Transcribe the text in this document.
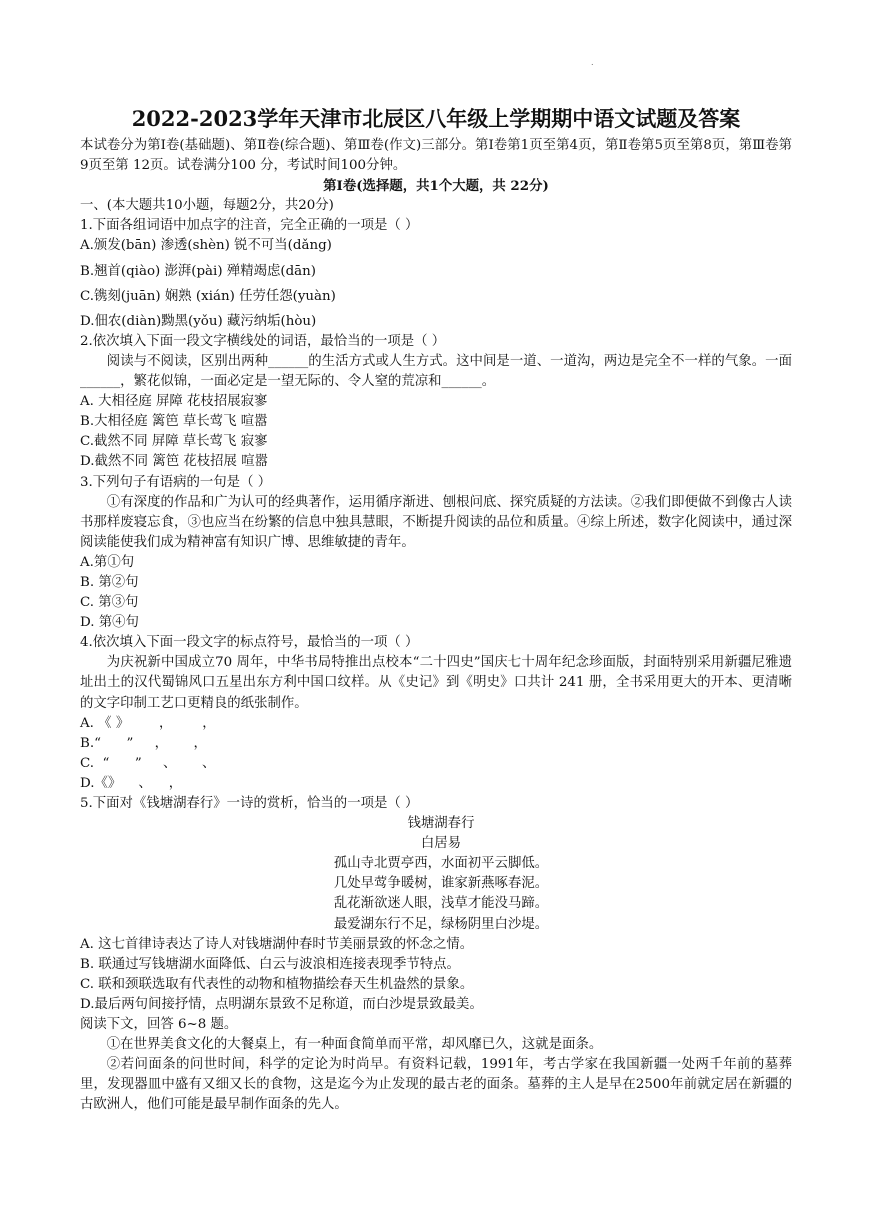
.
2022-2023学年天津市北辰区八年级上学期期中语文试题及答案

本试卷分为第Ⅰ卷(基础题)、第Ⅱ卷(综合题)、第Ⅲ卷(作文)三部分。第Ⅰ卷第1页至第4页，第Ⅱ卷第5页至第8页，第Ⅲ卷第9页至第 12页。试卷满分100 分，考试时间100分钟。

第Ⅰ卷(选择题，共1个大题，共 22分)

一、(本大题共10小题，每题2分，共20分)

1.下面各组词语中加点字的注音，完全正确的一项是（ ）

A.颁发(bān) 渗透(shèn) 锐不可当(dǎng)

B.翘首(qiào) 澎湃(pài) 殚精竭虑(dān)

C.镌刻(juān) 娴熟 (xián) 任劳任怨(yuàn)

D.佃农(diàn)黝黑(yǒu) 藏污纳垢(hòu)

2.依次填入下面一段文字横线处的词语，最恰当的一项是（ ）

阅读与不阅读，区别出两种______的生活方式或人生方式。这中间是一道、一道沟，两边是完全不一样的气象。一面______，繁花似锦，一面必定是一望无际的、令人窒的荒凉和______。

A. 大相径庭 屏障 花枝招展寂寥

B.大相径庭 篱笆 草长莺飞 喧嚣

C.截然不同 屏障 草长莺飞 寂寥

D.截然不同 篱笆 花枝招展 喧嚣

3.下列句子有语病的一句是（ ）

①有深度的作品和广为认可的经典著作，运用循序渐进、刨根问底、探究质疑的方法读。②我们即便做不到像古人读书那样废寝忘食，③也应当在纷繁的信息中独具慧眼，不断提升阅读的品位和质量。④综上所述，数字化阅读中，通过深阅读能使我们成为精神富有知识广博、思维敏捷的青年。

A.第①句

B. 第②句

C. 第③句

D. 第④句

4.依次填入下面一段文字的标点符号，最恰当的一项（ ）

为庆祝新中国成立70 周年，中华书局特推出点校本“二十四史”国庆七十周年纪念珍面版，封面特别采用新疆尼雅遗址出土的汉代蜀锦风口五星出东方利中国口纹样。从《史记》到《明史》口共计 241 册，全书采用更大的开本、更清晰的文字印制工艺口更精良的纸张制作。

A. 《 》       ，       ，

B.“      ”     ，      ，

C.  “      ”     、      、

D.《》    、    ，

5.下面对《钱塘湖春行》一诗的赏析，恰当的一项是（ ）

钱塘湖春行

白居易

孤山寺北贾亭西，水面初平云脚低。

几处早莺争暖树，谁家新燕啄春泥。

乱花渐欲迷人眼，浅草才能没马蹄。

最爱湖东行不足，绿杨阴里白沙堤。

A. 这七首律诗表达了诗人对钱塘湖仲春时节美丽景致的怀念之情。

B. 联通过写钱塘湖水面降低、白云与波浪相连接表现季节特点。

C. 联和颈联选取有代表性的动物和植物描绘春天生机盎然的景象。

D.最后两句间接抒情，点明湖东景致不足称道，而白沙堤景致最美。

阅读下文，回答 6~8 题。

①在世界美食文化的大餐桌上，有一种面食简单而平常，却风靡已久，这就是面条。

②若问面条的问世时间，科学的定论为时尚早。有资料记载，1991年，考古学家在我国新疆一处两千年前的墓葬里，发现器皿中盛有又细又长的食物，这是迄今为止发现的最古老的面条。墓葬的主人是早在2500年前就定居在新疆的古欧洲人，他们可能是最早制作面条的先人。
